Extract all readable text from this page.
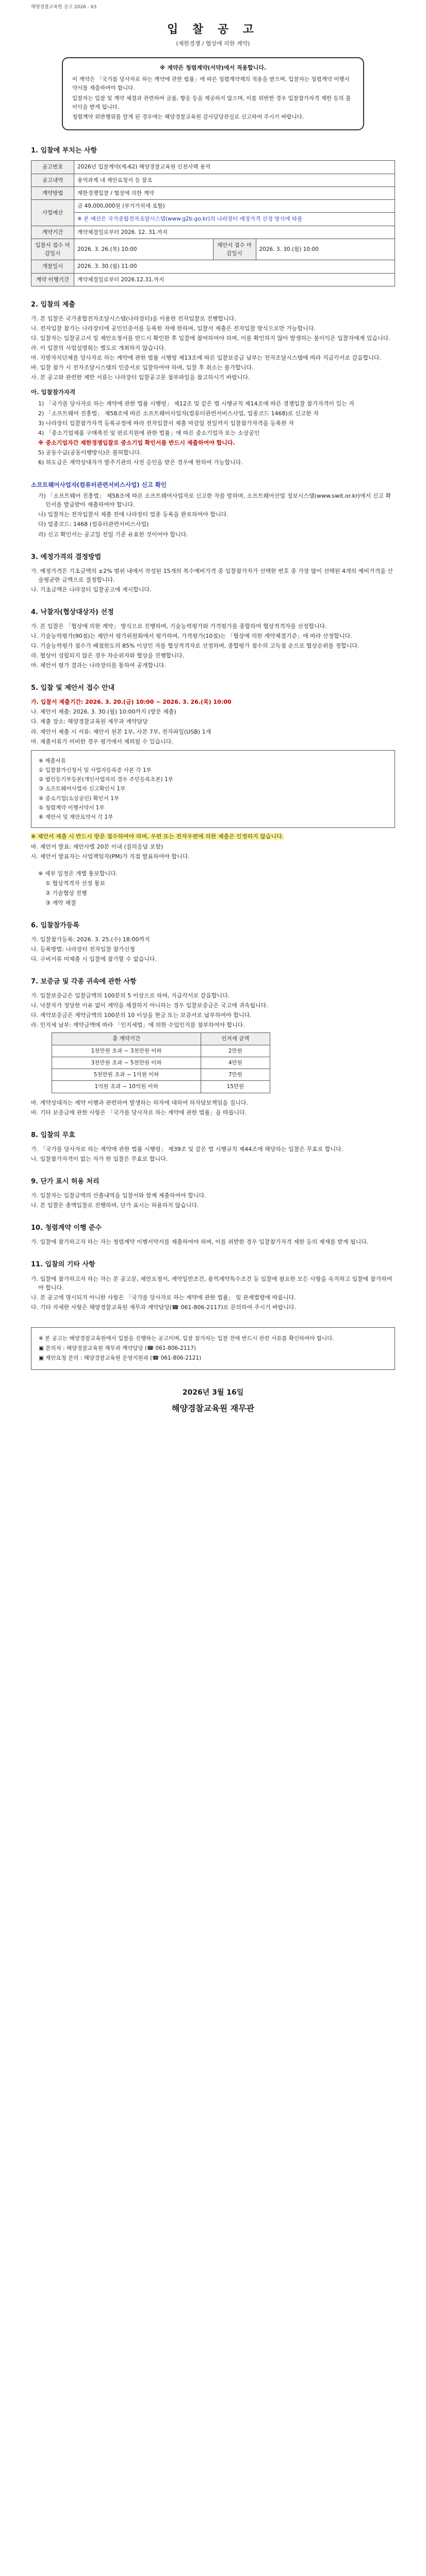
해양경찰교육원 공고 2026 - 63
입 찰 공 고
(제한경쟁 / 협상에 의한 계약)
※ 계약은 청렴계약(서약)에서 적용합니다.

이 계약은 「국가를 당사자로 하는 계약에 관한 법률」에 따른 청렴계약제의 적용을 받으며, 입찰자는 청렴계약 이행서약서를 제출하여야 합니다.

입찰자는 입찰 및 계약 체결과 관련하여 금품, 향응 등을 제공하지 않으며, 이를 위반한 경우 입찰참가자격 제한 등의 불이익을 받게 됩니다.

청렴계약 위반행위를 알게 된 경우에는 해양경찰교육원 감사담당관실로 신고하여 주시기 바랍니다.

1. 입찰에 부치는 사항
공고번호	2026년 입찰계약(제-62) 해양경찰교육원 인천사택 용역		
공고내역	용역과제 내 제안요청서 등 참조		
계약방법	제한경쟁입찰 / 협상에 의한 계약		
사업예산	금 49,000,000원 (부가가치세 포함)		
	※ 본 예산은 국가종합전자조달시스템(www.g2b.go.kr)의 나라장터 예정가격 산정 방식에 따름		
계약기간	계약체결일로부터 2026. 12. 31.까지		
입찰서 접수 마감일시	2026. 3. 26.(목) 10:00	제안서 접수 마감일시	2026. 3. 30.(월) 10:00
개찰일시	2026. 3. 30.(월) 11:00		
계약 이행기간	계약체결일로부터 2026.12.31.까지		
2. 입찰의 제출
가. 본 입찰은 국가종합전자조달시스템(나라장터)을 이용한 전자입찰로 진행합니다.
나. 전자입찰 참가는 나라장터에 공인인증서를 등록한 자에 한하며, 입찰서 제출은 전자입찰 방식으로만 가능합니다.
다. 입찰자는 입찰공고서 및 제안요청서를 반드시 확인한 후 입찰에 참여하여야 하며, 이를 확인하지 않아 발생하는 불이익은 입찰자에게 있습니다.
라. 이 입찰의 사업설명회는 별도로 개최하지 않습니다.
마. 지방자치단체를 당사자로 하는 계약에 관한 법률 시행령 제13조에 따른 입찰보증금 납부는 전자조달시스템에 따라 지급각서로 갈음합니다.
바. 입찰 참가 시 전자조달시스템의 인증서로 입찰하여야 하며, 입찰 후 취소는 불가합니다.
사. 본 공고와 관련한 제반 서류는 나라장터 입찰공고문 첨부파일을 참고하시기 바랍니다.
아. 입찰참가자격
1) 「국가를 당사자로 하는 계약에 관한 법률 시행령」 제12조 및 같은 법 시행규칙 제14조에 따른 경쟁입찰 참가자격이 있는 자
2) 「소프트웨어 진흥법」 제58조에 따른 소프트웨어사업자(컴퓨터관련서비스사업, 업종코드 1468)로 신고한 자
3) 나라장터 입찰참가자격 등록규정에 따라 전자입찰서 제출 마감일 전일까지 입찰참가자격을 등록한 자
4) 「중소기업제품 구매촉진 및 판로지원에 관한 법률」에 따른 중소기업자 또는 소상공인
※ 중소기업자간 제한경쟁입찰로 중소기업 확인서를 반드시 제출하여야 합니다.
5) 공동수급(공동이행방식)은 불허합니다.
6) 하도급은 계약상대자가 발주기관의 사전 승인을 받은 경우에 한하여 가능합니다.
소프트웨어사업자(컴퓨터관련서비스사업) 신고 확인
가) 「소프트웨어 진흥법」 제58조에 따른 소프트웨어사업자로 신고한 자를 말하며, 소프트웨어산업 정보시스템(www.swit.or.kr)에서 신고 확인서를 발급받아 제출하여야 합니다.
나) 입찰자는 전자입찰서 제출 전에 나라장터 업종 등록을 완료하여야 합니다.
다) 업종코드: 1468 (컴퓨터관련서비스사업)
라) 신고 확인서는 공고일 전일 기준 유효한 것이어야 합니다.
3. 예정가격의 결정방법
가. 예정가격은 기초금액의 ±2% 범위 내에서 작성된 15개의 복수예비가격 중 입찰참가자가 선택한 번호 중 가장 많이 선택된 4개의 예비가격을 산술평균한 금액으로 결정합니다.
나. 기초금액은 나라장터 입찰공고에 게시합니다.
4. 낙찰자(협상대상자) 선정
가. 본 입찰은 「협상에 의한 계약」 방식으로 진행하며, 기술능력평가와 가격평가를 종합하여 협상적격자를 선정합니다.
나. 기술능력평가(90점)는 제안서 평가위원회에서 평가하며, 가격평가(10점)는 「협상에 의한 계약체결기준」에 따라 산정합니다.
다. 기술능력평가 점수가 배점한도의 85% 이상인 자를 협상적격자로 선정하며, 종합평가 점수의 고득점 순으로 협상순위를 정합니다.
라. 협상이 성립되지 않은 경우 차순위자와 협상을 진행합니다.
마. 제안서 평가 결과는 나라장터를 통하여 공개합니다.
5. 입찰 및 제안서 접수 안내
가. 입찰서 제출기간: 2026. 3. 20.(금) 10:00 ~ 2026. 3. 26.(목) 10:00
나. 제안서 제출: 2026. 3. 30.(월) 10:00까지 (방문 제출)
다. 제출 장소: 해양경찰교육원 재무과 계약담당
라. 제안서 제출 시 서류: 제안서 원본 1부, 사본 7부, 전자파일(USB) 1개
마. 제출서류가 미비한 경우 평가에서 제외될 수 있습니다.

※ 제출서류

① 입찰참가신청서 및 사업자등록증 사본 각 1부

② 법인등기부등본(개인사업자의 경우 주민등록초본) 1부

③ 소프트웨어사업자 신고확인서 1부

④ 중소기업(소상공인) 확인서 1부

⑤ 청렴계약 이행서약서 1부

⑥ 제안서 및 제안요약서 각 1부

※ 제안서 제출 시 반드시 방문 접수하여야 하며, 우편 또는 전자우편에 의한 제출은 인정하지 않습니다.
바. 제안서 발표: 제안사별 20분 이내 (질의응답 포함)
사. 제안서 발표자는 사업책임자(PM)가 직접 발표하여야 합니다.
※ 세부 일정은 개별 통보합니다.
① 협상적격자 선정 통보
② 기술협상 진행
③ 계약 체결
6. 입찰참가등록
가. 입찰참가등록: 2026. 3. 25.(수) 18:00까지
나. 등록방법: 나라장터 전자입찰 참가신청
다. 구비서류 미제출 시 입찰에 참가할 수 없습니다.
7. 보증금 및 각종 귀속에 관한 사항
가. 입찰보증금은 입찰금액의 100분의 5 이상으로 하며, 지급각서로 갈음합니다.
나. 낙찰자가 정당한 이유 없이 계약을 체결하지 아니하는 경우 입찰보증금은 국고에 귀속됩니다.
다. 계약보증금은 계약금액의 100분의 10 이상을 현금 또는 보증서로 납부하여야 합니다.
라. 인지세 납부: 계약금액에 따라 「인지세법」에 의한 수입인지를 첨부하여야 합니다.
총 계약기간	인지세 금액
1천만원 초과 ~ 3천만원 이하	2만원
3천만원 초과 ~ 5천만원 이하	4만원
5천만원 초과 ~ 1억원 이하	7만원
1억원 초과 ~ 10억원 이하	15만원
마. 계약상대자는 계약 이행과 관련하여 발생하는 하자에 대하여 하자담보책임을 집니다.
바. 기타 보증금에 관한 사항은 「국가를 당사자로 하는 계약에 관한 법률」을 따릅니다.
8. 입찰의 무효
가. 「국가를 당사자로 하는 계약에 관한 법률 시행령」 제39조 및 같은 법 시행규칙 제44조에 해당하는 입찰은 무효로 합니다.
나. 입찰참가자격이 없는 자가 한 입찰은 무효로 합니다.
9. 단가 표시 허용 처리
가. 입찰자는 입찰금액의 산출내역을 입찰서와 함께 제출하여야 합니다.
나. 본 입찰은 총액입찰로 진행하며, 단가 표시는 허용하지 않습니다.
10. 청렴계약 이행 준수
가. 입찰에 참가하고자 하는 자는 청렴계약 이행서약서를 제출하여야 하며, 이를 위반한 경우 입찰참가자격 제한 등의 제재를 받게 됩니다.
11. 입찰의 기타 사항
가. 입찰에 참가하고자 하는 자는 본 공고문, 제안요청서, 계약일반조건, 용역계약특수조건 등 입찰에 필요한 모든 사항을 숙지하고 입찰에 참가하여야 합니다.
나. 본 공고에 명시되지 아니한 사항은 「국가를 당사자로 하는 계약에 관한 법률」 및 관계법령에 따릅니다.
다. 기타 자세한 사항은 해양경찰교육원 재무과 계약담당(☎ 061-806-2117)로 문의하여 주시기 바랍니다.

※ 본 공고는 해양경찰교육원에서 입찰을 진행하는 공고이며, 입찰 참가자는 입찰 전에 반드시 관련 서류를 확인하여야 합니다.

▣ 문의처 : 해양경찰교육원 재무과 계약담당 (☎ 061-806-2117)

▣ 제안요청 문의 : 해양경찰교육원 운영지원과 (☎ 061-806-2121)

2026년 3월 16일
해양경찰교육원 재무관
